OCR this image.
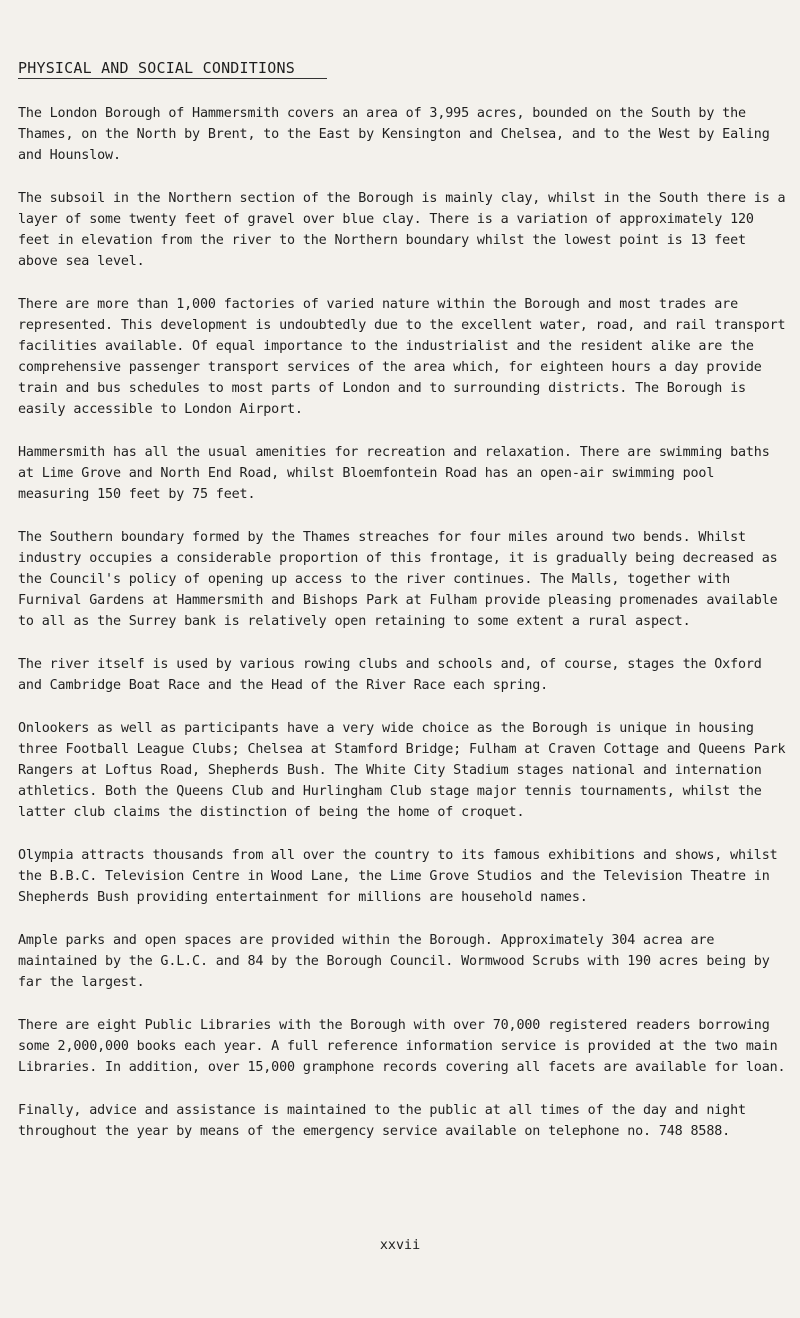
PHYSICAL AND SOCIAL CONDITIONS

The London Borough of Hammersmith covers an area of 3,995 acres, bounded on the South by the Thames, on the North by Brent, to the East by Kensington and Chelsea, and to the West by Ealing and Hounslow.

The subsoil in the Northern section of the Borough is mainly clay, whilst in the South there is a layer of some twenty feet of gravel over blue clay. There is a variation of approximately 120 feet in elevation from the river to the Northern boundary whilst the lowest point is 13 feet above sea level.

There are more than 1,000 factories of varied nature within the Borough and most trades are represented. This development is undoubtedly due to the excellent water, road, and rail transport facilities available. Of equal importance to the industrialist and the resident alike are the comprehensive passenger transport services of the area which, for eighteen hours a day provide train and bus schedules to most parts of London and to surrounding districts. The Borough is easily accessible to London Airport.

Hammersmith has all the usual amenities for recreation and relaxation. There are swimming baths at Lime Grove and North End Road, whilst Bloemfontein Road has an open-air swimming pool measuring 150 feet by 75 feet.

The Southern boundary formed by the Thames streaches for four miles around two bends. Whilst industry occupies a considerable proportion of this frontage, it is gradually being decreased as the Council's policy of opening up access to the river continues. The Malls, together with Furnival Gardens at Hammersmith and Bishops Park at Fulham provide pleasing promenades available to all as the Surrey bank is relatively open retaining to some extent a rural aspect.

The river itself is used by various rowing clubs and schools and, of course, stages the Oxford and Cambridge Boat Race and the Head of the River Race each spring.

Onlookers as well as participants have a very wide choice as the Borough is unique in housing three Football League Clubs; Chelsea at Stamford Bridge; Fulham at Craven Cottage and Queens Park Rangers at Loftus Road, Shepherds Bush. The White City Stadium stages national and internation athletics. Both the Queens Club and Hurlingham Club stage major tennis tournaments, whilst the latter club claims the distinction of being the home of croquet.

Olympia attracts thousands from all over the country to its famous exhibitions and shows, whilst the B.B.C. Television Centre in Wood Lane, the Lime Grove Studios and the Television Theatre in Shepherds Bush providing entertainment for millions are household names.

Ample parks and open spaces are provided within the Borough. Approximately 304 acrea are maintained by the G.L.C. and 84 by the Borough Council. Wormwood Scrubs with 190 acres being by far the largest.

There are eight Public Libraries with the Borough with over 70,000 registered readers borrowing some 2,000,000 books each year. A full reference information service is provided at the two main Libraries. In addition, over 15,000 gramphone records covering all facets are available for loan.

Finally, advice and assistance is maintained to the public at all times of the day and night throughout the year by means of the emergency service available on telephone no. 748 8588.

xxvii
